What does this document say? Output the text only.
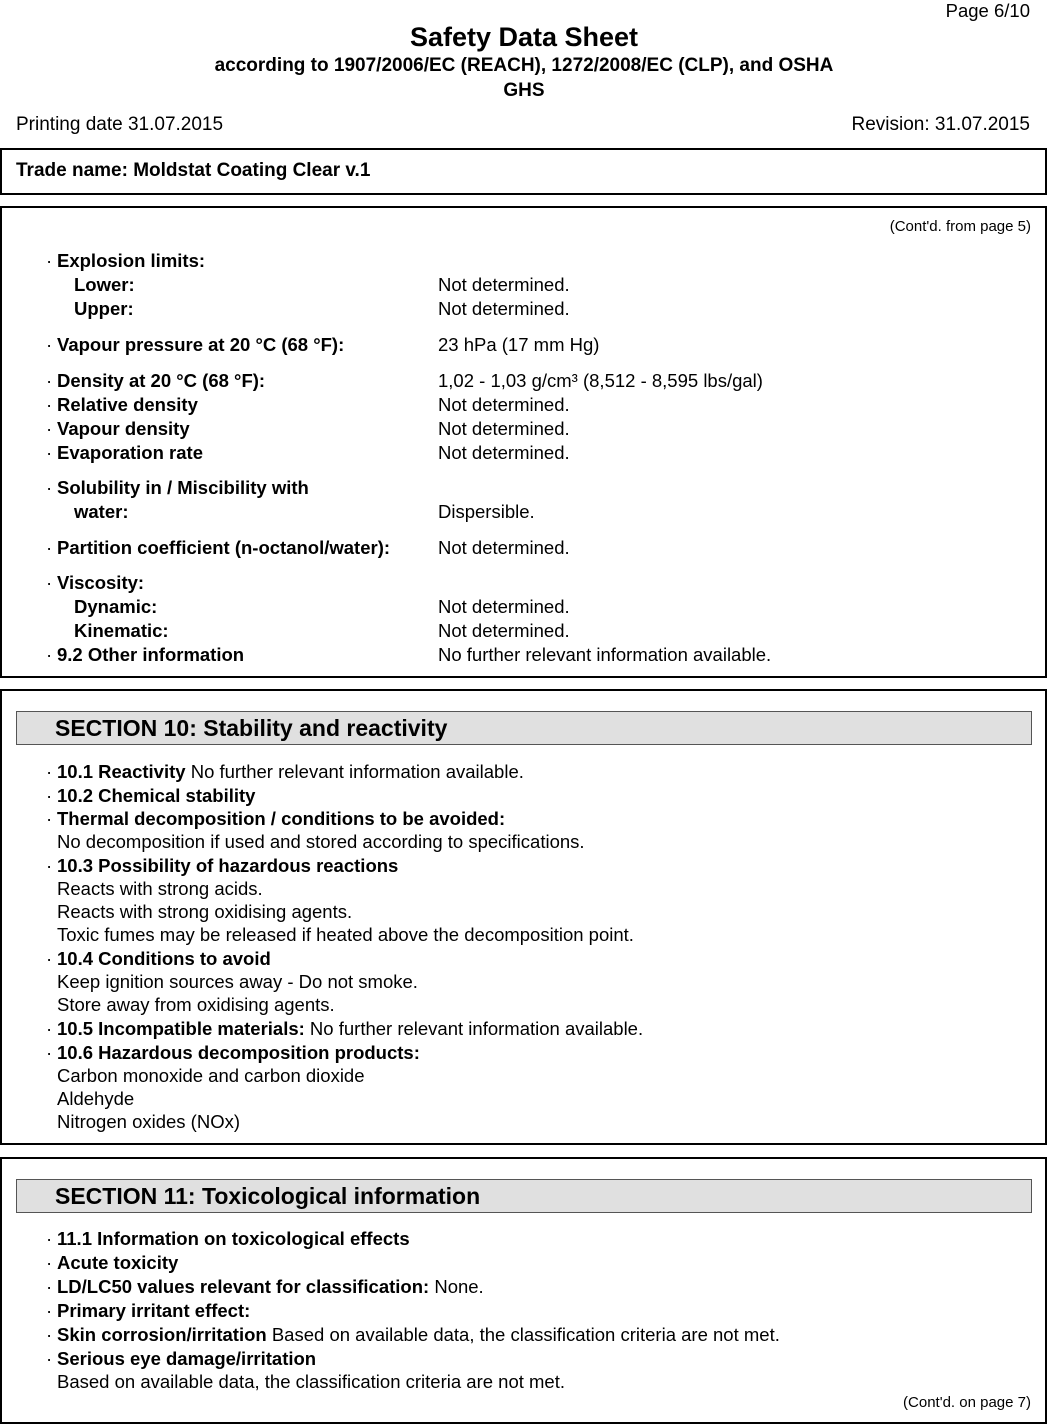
Page 6/10
Safety Data Sheet
according to 1907/2006/EC (REACH), 1272/2008/EC (CLP), and OSHA
GHS
Printing date 31.07.2015	Revision: 31.07.2015
Trade name: Moldstat Coating Clear v.1
(Cont'd. from page 5)
· Explosion limits:
Lower:	Not determined.
Upper:	Not determined.
· Vapour pressure at 20 °C (68 °F):	23 hPa (17 mm Hg)
· Density at 20 °C (68 °F):	1,02 - 1,03 g/cm³ (8,512 - 8,595 lbs/gal)
· Relative density	Not determined.
· Vapour density	Not determined.
· Evaporation rate	Not determined.
· Solubility in / Miscibility with
water:	Dispersible.
· Partition coefficient (n-octanol/water):	Not determined.
· Viscosity:
Dynamic:	Not determined.
Kinematic:	Not determined.
· 9.2 Other information	No further relevant information available.
SECTION 10: Stability and reactivity
· 10.1 Reactivity No further relevant information available.
· 10.2 Chemical stability
· Thermal decomposition / conditions to be avoided:
No decomposition if used and stored according to specifications.
· 10.3 Possibility of hazardous reactions
Reacts with strong acids.
Reacts with strong oxidising agents.
Toxic fumes may be released if heated above the decomposition point.
· 10.4 Conditions to avoid
Keep ignition sources away - Do not smoke.
Store away from oxidising agents.
· 10.5 Incompatible materials: No further relevant information available.
· 10.6 Hazardous decomposition products:
Carbon monoxide and carbon dioxide
Aldehyde
Nitrogen oxides (NOx)
SECTION 11: Toxicological information
· 11.1 Information on toxicological effects
· Acute toxicity
· LD/LC50 values relevant for classification: None.
· Primary irritant effect:
· Skin corrosion/irritation Based on available data, the classification criteria are not met.
· Serious eye damage/irritation
Based on available data, the classification criteria are not met.
(Cont'd. on page 7)
